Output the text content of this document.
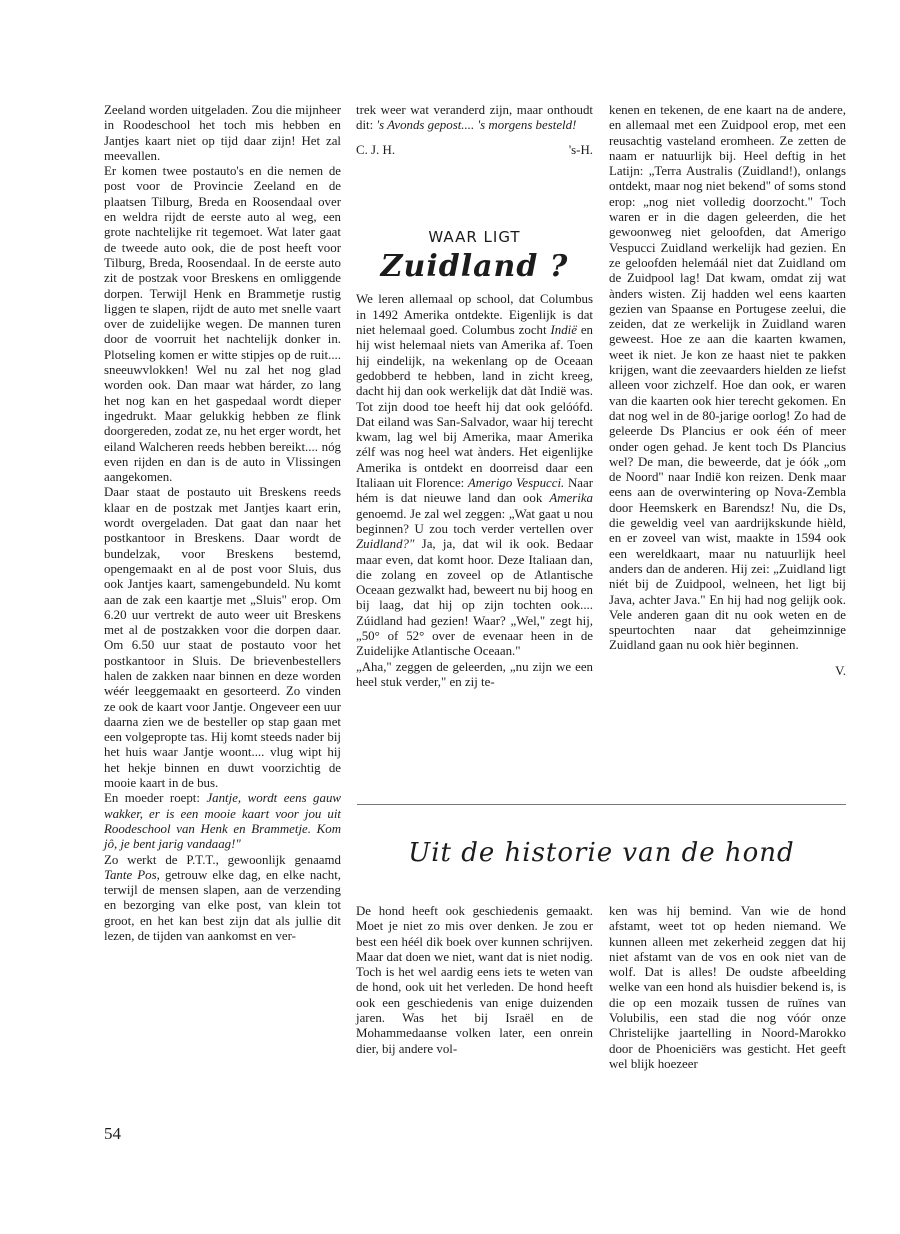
Zeeland worden uitgeladen. Zou die mijnheer in Roodeschool het toch mis hebben en Jantjes kaart niet op tijd daar zijn! Het zal meevallen.

Er komen twee postauto's en die nemen de post voor de Provincie Zeeland en de plaatsen Tilburg, Breda en Roosendaal over en weldra rijdt de eerste auto al weg, een grote nachtelijke rit tegemoet. Wat later gaat de tweede auto ook, die de post heeft voor Tilburg, Breda, Roosendaal. In de eerste auto zit de postzak voor Breskens en omliggende dorpen. Terwijl Henk en Brammetje rustig liggen te slapen, rijdt de auto met snelle vaart over de zuidelijke wegen. De mannen turen door de voorruit het nachtelijk donker in. Plotseling komen er witte stipjes op de ruit.... sneeuwvlokken! Wel nu zal het nog glad worden ook. Dan maar wat hárder, zo lang het nog kan en het gaspedaal wordt dieper ingedrukt. Maar gelukkig hebben ze flink doorgereden, zodat ze, nu het erger wordt, het eiland Walcheren reeds hebben bereikt.... nóg even rijden en dan is de auto in Vlissingen aangekomen.

Daar staat de postauto uit Breskens reeds klaar en de postzak met Jantjes kaart erin, wordt overgeladen. Dat gaat dan naar het postkantoor in Breskens. Daar wordt de bundelzak, voor Breskens bestemd, opengemaakt en al de post voor Sluis, dus ook Jantjes kaart, samengebundeld. Nu komt aan de zak een kaartje met „Sluis" erop. Om 6.20 uur vertrekt de auto weer uit Breskens met al de postzakken voor die dorpen daar. Om 6.50 uur staat de postauto voor het postkantoor in Sluis. De brievenbestellers halen de zakken naar binnen en deze worden wéér leeggemaakt en gesorteerd. Zo vinden ze ook de kaart voor Jantje. Ongeveer een uur daarna zien we de besteller op stap gaan met een volgepropte tas. Hij komt steeds nader bij het huis waar Jantje woont.... vlug wipt hij het hekje binnen en duwt voorzichtig de mooie kaart in de bus.

En moeder roept: Jantje, wordt eens gauw wakker, er is een mooie kaart voor jou uit Roodeschool van Henk en Brammetje. Kom jô, je bent jarig vandaag!"

Zo werkt de P.T.T., gewoonlijk genaamd Tante Pos, getrouw elke dag, en elke nacht, terwijl de mensen slapen, aan de verzending en bezorging van elke post, van klein tot groot, en het kan best zijn dat als jullie dit lezen, de tijden van aankomst en ver-

trek weer wat veranderd zijn, maar onthoudt dit: 's Avonds gepost.... 's morgens besteld!

C. J. H.	's-H.
WAAR LIGT
Zuidland ?

We leren allemaal op school, dat Columbus in 1492 Amerika ontdekte. Eigenlijk is dat niet helemaal goed. Columbus zocht Indië en hij wist helemaal niets van Amerika af. Toen hij eindelijk, na wekenlang op de Oceaan gedobberd te hebben, land in zicht kreeg, dacht hij dan ook werkelijk dat dàt Indië was. Tot zijn dood toe heeft hij dat ook gelóófd. Dat eiland was San-Salvador, waar hij terecht kwam, lag wel bij Amerika, maar Amerika zélf was nog heel wat ànders. Het eigenlijke Amerika is ontdekt en doorreisd daar een Italiaan uit Florence: Amerigo Vespucci. Naar hém is dat nieuwe land dan ook Amerika genoemd. Je zal wel zeggen: „Wat gaat u nou beginnen? U zou toch verder vertellen over Zuidland?" Ja, ja, dat wil ik ook. Bedaar maar even, dat komt hoor. Deze Italiaan dan, die zolang en zoveel op de Atlantische Oceaan gezwalkt had, beweert nu bij hoog en bij laag, dat hij op zijn tochten ook.... Zúidland had gezien! Waar? „Wel," zegt hij, „50° of 52° over de evenaar heen in de Zuidelijke Atlantische Oceaan."

„Aha," zeggen de geleerden, „nu zijn we een heel stuk verder," en zij te-

kenen en tekenen, de ene kaart na de andere, en allemaal met een Zuidpool erop, met een reusachtig vasteland eromheen. Ze zetten de naam er natuurlijk bij. Heel deftig in het Latijn: „Terra Australis (Zuidland!), onlangs ontdekt, maar nog niet bekend" of soms stond erop: „nog niet volledig doorzocht." Toch waren er in die dagen geleerden, die het gewoonweg niet geloofden, dat Amerigo Vespucci Zuidland werkelijk had gezien. En ze geloofden helemáál niet dat Zuidland om de Zuidpool lag! Dat kwam, omdat zij wat ànders wisten. Zij hadden wel eens kaarten gezien van Spaanse en Portugese zeelui, die zeiden, dat ze werkelijk in Zuidland waren geweest. Hoe ze aan die kaarten kwamen, weet ik niet. Je kon ze haast niet te pakken krijgen, want die zeevaarders hielden ze liefst alleen voor zichzelf. Hoe dan ook, er waren van die kaarten ook hier terecht gekomen. En dat nog wel in de 80-jarige oorlog! Zo had de geleerde Ds Plancius er ook één of meer onder ogen gehad. Je kent toch Ds Plancius wel? De man, die beweerde, dat je óók „om de Noord" naar Indië kon reizen. Denk maar eens aan de overwintering op Nova-Zembla door Heemskerk en Barendsz! Nu, die Ds, die geweldig veel van aardrijkskunde hièld, en er zoveel van wist, maakte in 1594 ook een wereldkaart, maar nu natuurlijk heel anders dan de anderen. Hij zei: „Zuidland ligt niét bij de Zuidpool, welneen, het ligt bij Java, achter Java." En hij had nog gelijk ook. Vele anderen gaan dit nu ook weten en de speurtochten naar dat geheimzinnige Zuidland gaan nu ook hièr beginnen.

V.
Uit de historie van de hond

De hond heeft ook geschiedenis gemaakt. Moet je niet zo mis over denken. Je zou er best een héél dik boek over kunnen schrijven. Maar dat doen we niet, want dat is niet nodig. Toch is het wel aardig eens iets te weten van de hond, ook uit het verleden. De hond heeft ook een geschiedenis van enige duizenden jaren. Was het bij Israël en de Mohammedaanse volken later, een onrein dier, bij andere vol-

ken was hij bemind. Van wie de hond afstamt, weet tot op heden niemand. We kunnen alleen met zekerheid zeggen dat hij niet afstamt van de vos en ook niet van de wolf. Dat is alles! De oudste afbeelding welke van een hond als huisdier bekend is, is die op een mozaik tussen de ruïnes van Volubilis, een stad die nog vóór onze Christelijke jaartelling in Noord-Marokko door de Phoeniciërs was gesticht. Het geeft wel blijk hoezeer

54
